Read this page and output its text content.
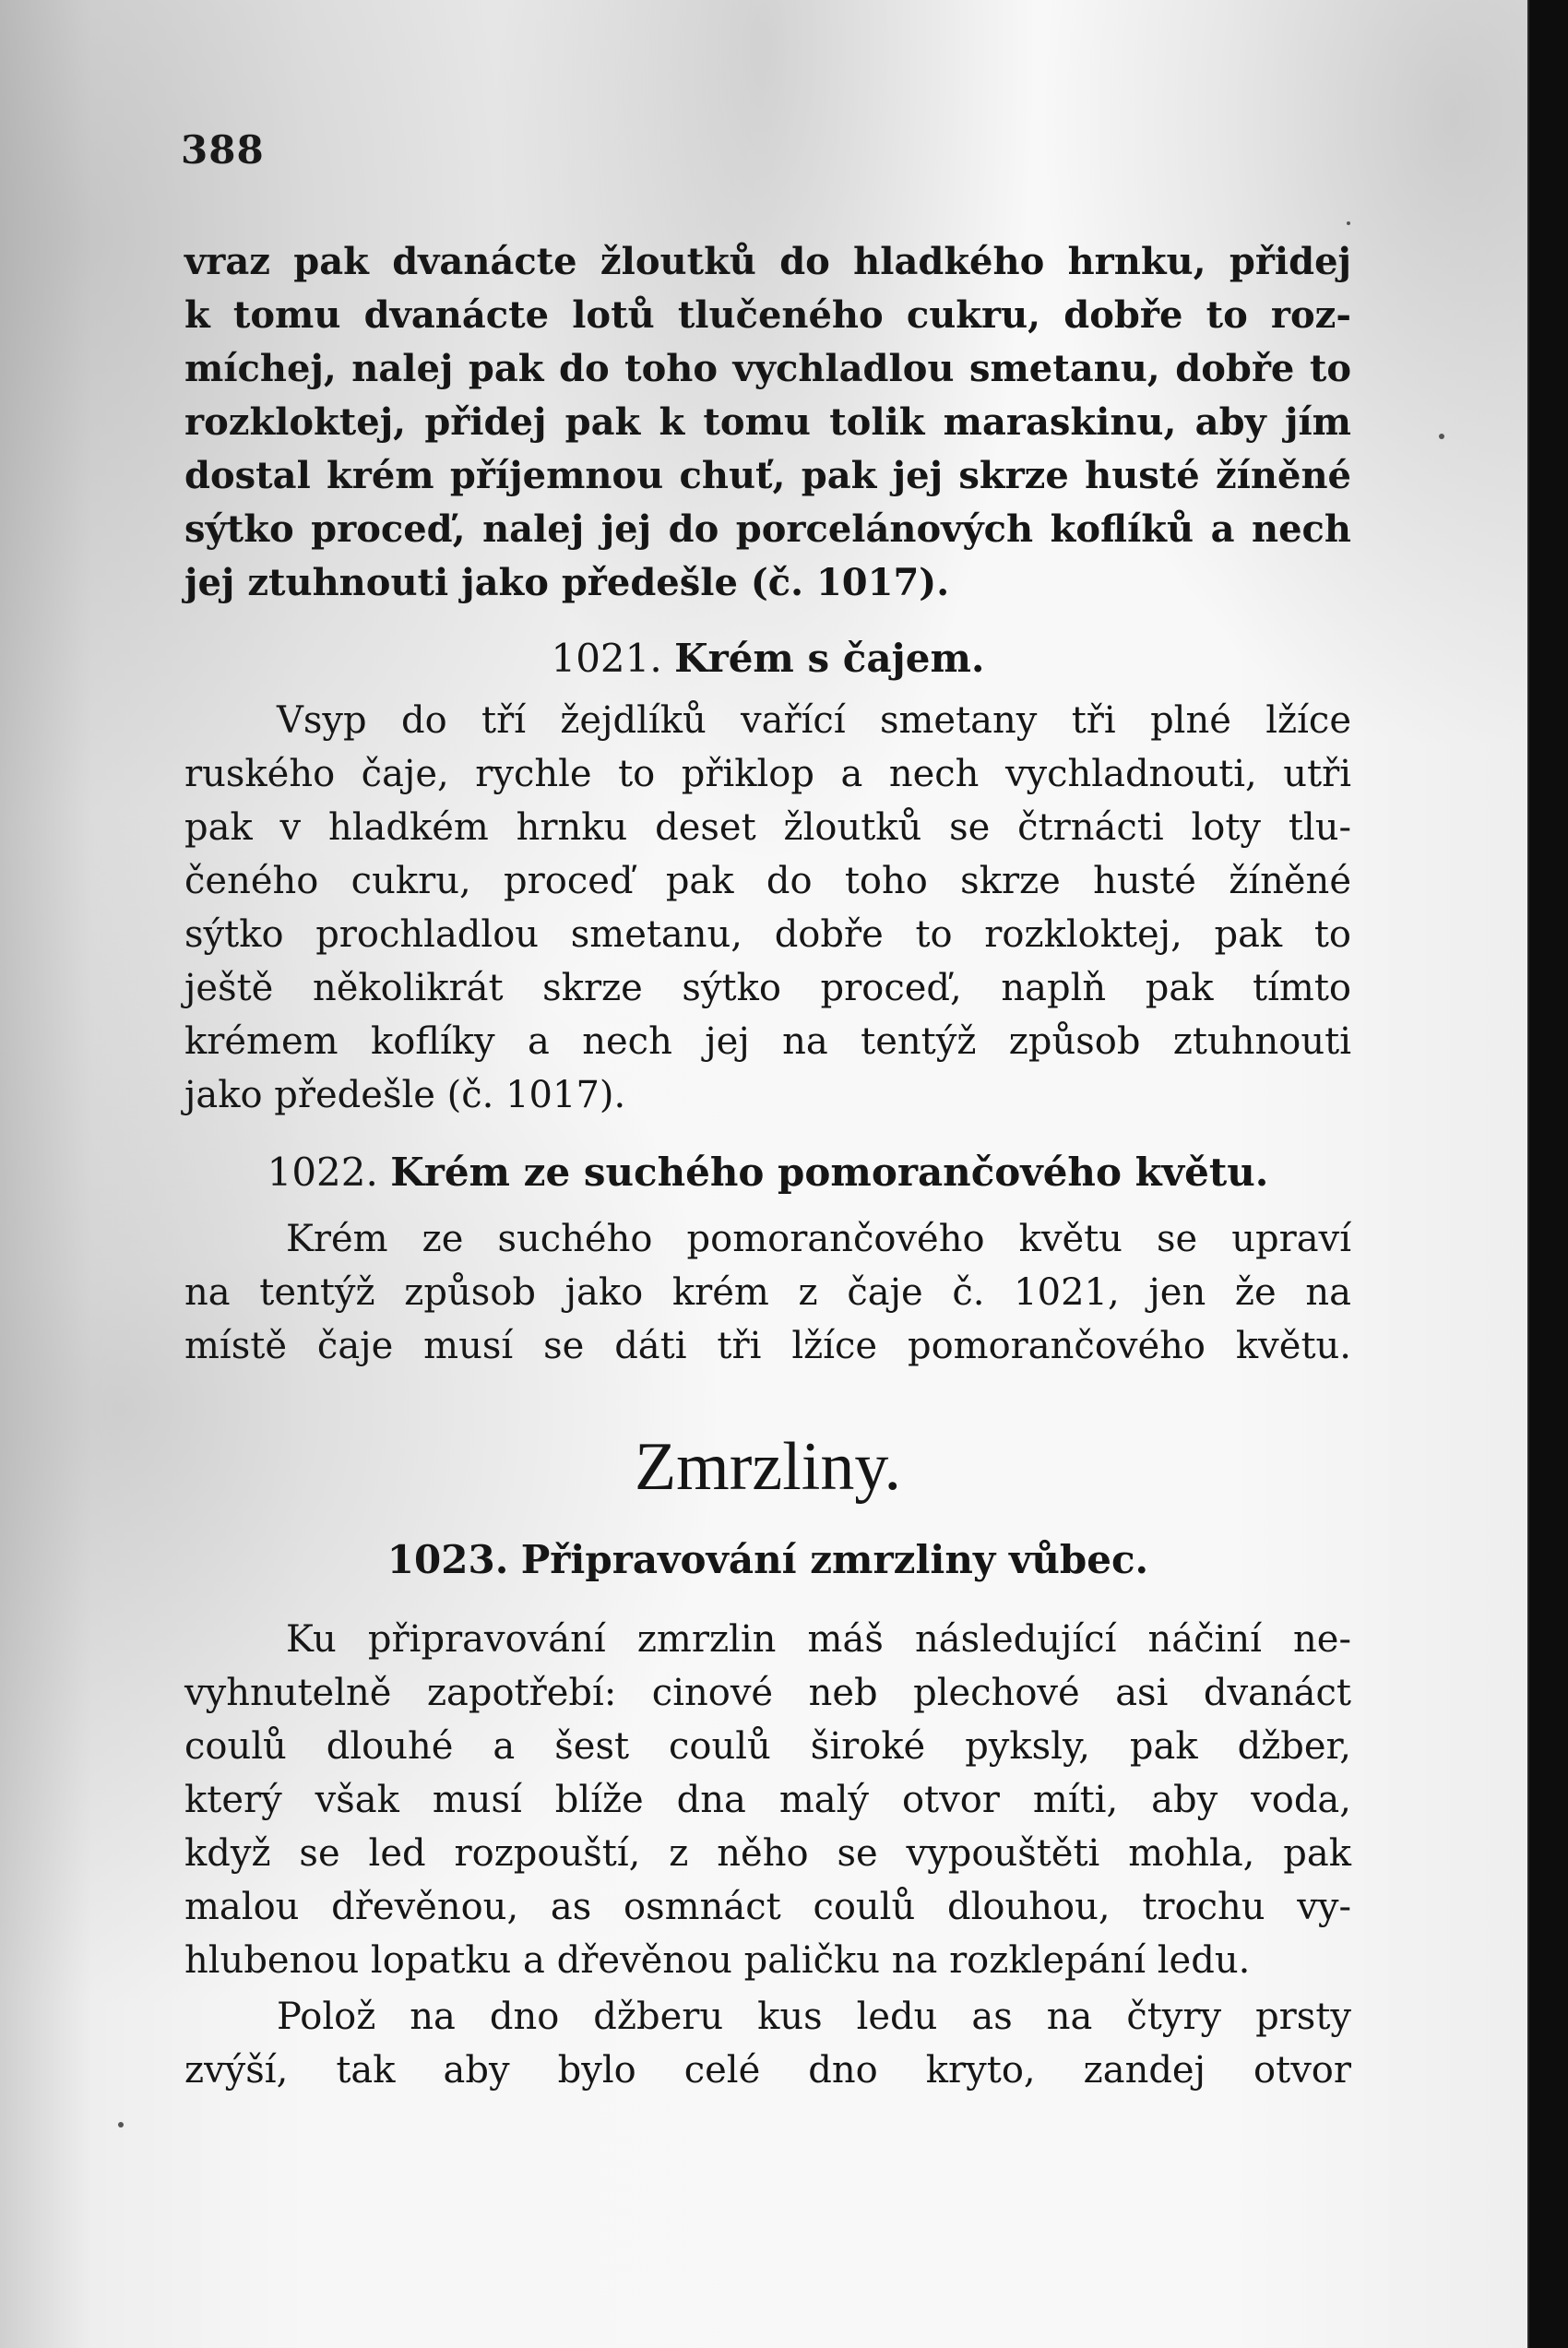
388
vraz pak dvanácte žloutků do hladkého hrnku, přidej
k tomu dvanácte lotů tlučeného cukru, dobře to roz-
míchej, nalej pak do toho vychladlou smetanu, dobře to
rozkloktej, přidej pak k tomu tolik maraskinu, aby jím
dostal krém příjemnou chuť, pak jej skrze husté žíněné
sýtko proceď, nalej jej do porcelánových koflíků a nech
jej ztuhnouti jako předešle (č. 1017).
1021. Krém s čajem.
Vsyp do tří žejdlíků vařící smetany tři plné lžíce
ruského čaje, rychle to přiklop a nech vychladnouti, utři
pak v hladkém hrnku deset žloutků se čtrnácti loty tlu-
čeného cukru, proceď pak do toho skrze husté žíněné
sýtko prochladlou smetanu, dobře to rozkloktej, pak to
ještě několikrát skrze sýtko proceď, naplň pak tímto
krémem koflíky a nech jej na tentýž způsob ztuhnouti
jako předešle (č. 1017).
1022. Krém ze suchého pomorančového květu.
Krém ze suchého pomorančového květu se upraví
na tentýž způsob jako krém z čaje č. 1021, jen že na
místě čaje musí se dáti tři lžíce pomorančového květu.
Zmrzliny.
1023. Připravování zmrzliny vůbec.
Ku připravování zmrzlin máš následující náčiní ne-
vyhnutelně zapotřebí: cinové neb plechové asi dvanáct
coulů dlouhé a šest coulů široké pyksly, pak džber,
který však musí blíže dna malý otvor míti, aby voda,
když se led rozpouští, z něho se vypouštěti mohla, pak
malou dřevěnou, as osmnáct coulů dlouhou, trochu vy-
hlubenou lopatku a dřevěnou paličku na rozklepání ledu.
Polož na dno džberu kus ledu as na čtyry prsty
zvýší, tak aby bylo celé dno kryto, zandej otvor
